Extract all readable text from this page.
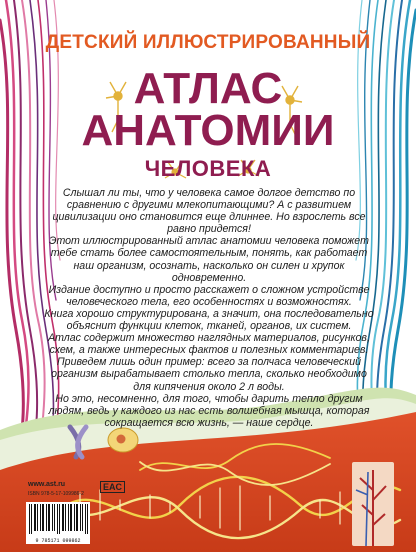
ДЕТСКИЙ ИЛЛЮСТРИРОВАННЫЙ
АТЛАС
АНАТОМИИ
ЧЕЛОВЕКА

Слышал ли ты, что у человека самое долгое детство по сравнению с другими млекопитающими? А с развитием цивилизации оно становится еще длиннее. Но взрослеть все равно придется!

Этот иллюстрированный атлас анатомии человека поможет тебе стать более самостоятельным, понять, как работает наш организм, осознать, насколько он силен и хрупок одновременно.

Издание доступно и просто расскажет о сложном устройстве человеческого тела, его особенностях и возможностях.

Книга хорошо структурирована, а значит, она последовательно объяснит функции клеток, тканей, органов, их систем.

Атлас содержит множество наглядных материалов, рисунков, схем, а также интересных фактов и полезных комментариев.

Приведем лишь один пример: всего за полчаса человеческий организм вырабатывает столько тепла, сколько необходимо для кипячения около 2 л воды.

Но это, несомненно, для того, чтобы дарить тепло другим людям, ведь у каждого из нас есть волшебная мышца, которая сокращается всю жизнь, — наше сердце.

www.ast.ru
ISBN 978-5-17-109986-2
EAC
9 785171 099862
